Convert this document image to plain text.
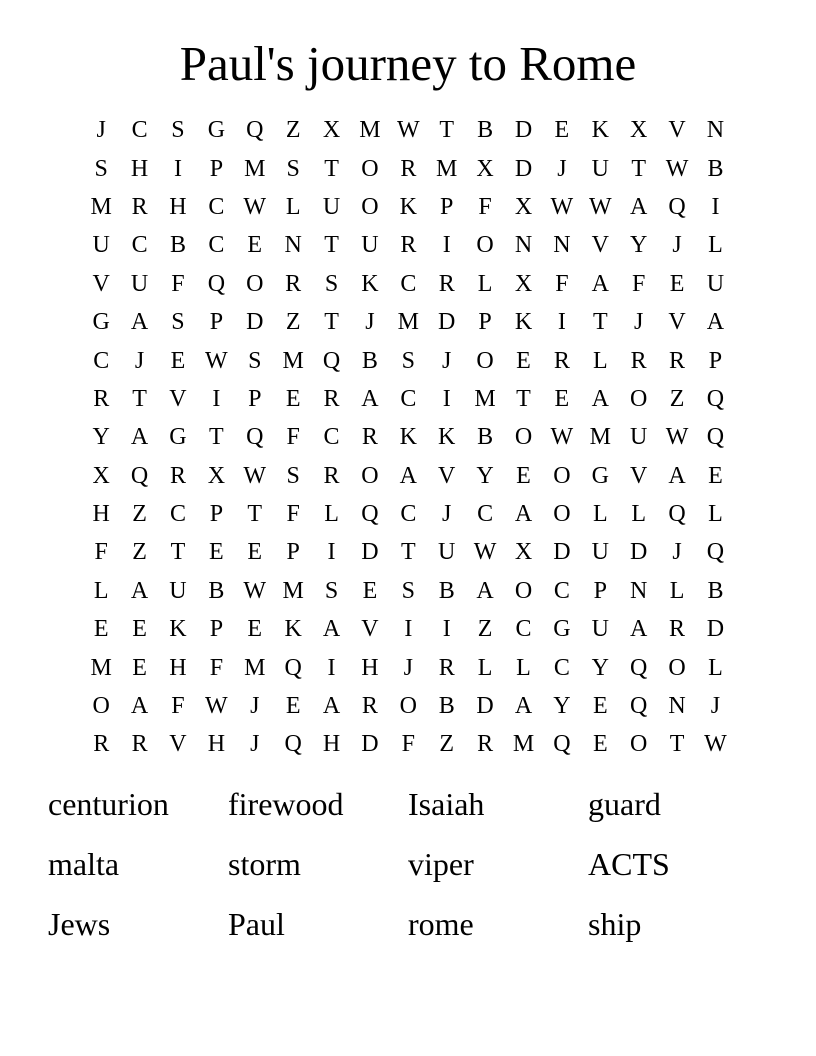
Paul's journey to Rome
J	C S G Q Z X M W T B D E K X V N
S H	I	P M S	T O R M X D	J	U T W B
M R H C W L U O K P	F X W W A Q	I
U C B C E N T U R	I	O N N V Y	J	L
V U F Q O R S K C R L X F A F	E U
G A S	P D Z T	J M D P K	I	T	J	V A
C	J	E W S M Q B S	J	O E R L R R P
R T V	I	P	E R A C	I M T E A O Z Q
Y A G T Q F C R K K B O W M U W Q
X Q R X W S R O A V Y E O G V A E
H Z C P	T	F	L Q C	J	C A O L L Q L
F	Z T E E	P	I	D T U W X D U D	J	Q
L A U B W M S	E	S B A O C P N L B
E E K P	E K A V	I	I	Z C G U A R D
M E H F M Q	I	H	J	R L L C Y Q O L
O A F W J	E A R O B D A Y E Q N	J
R R V H	J	Q H D F	Z R M Q E O T W
centurion	firewood	Isaiah	guard
malta	storm	viper	ACTS
Jews	Paul	rome	ship
